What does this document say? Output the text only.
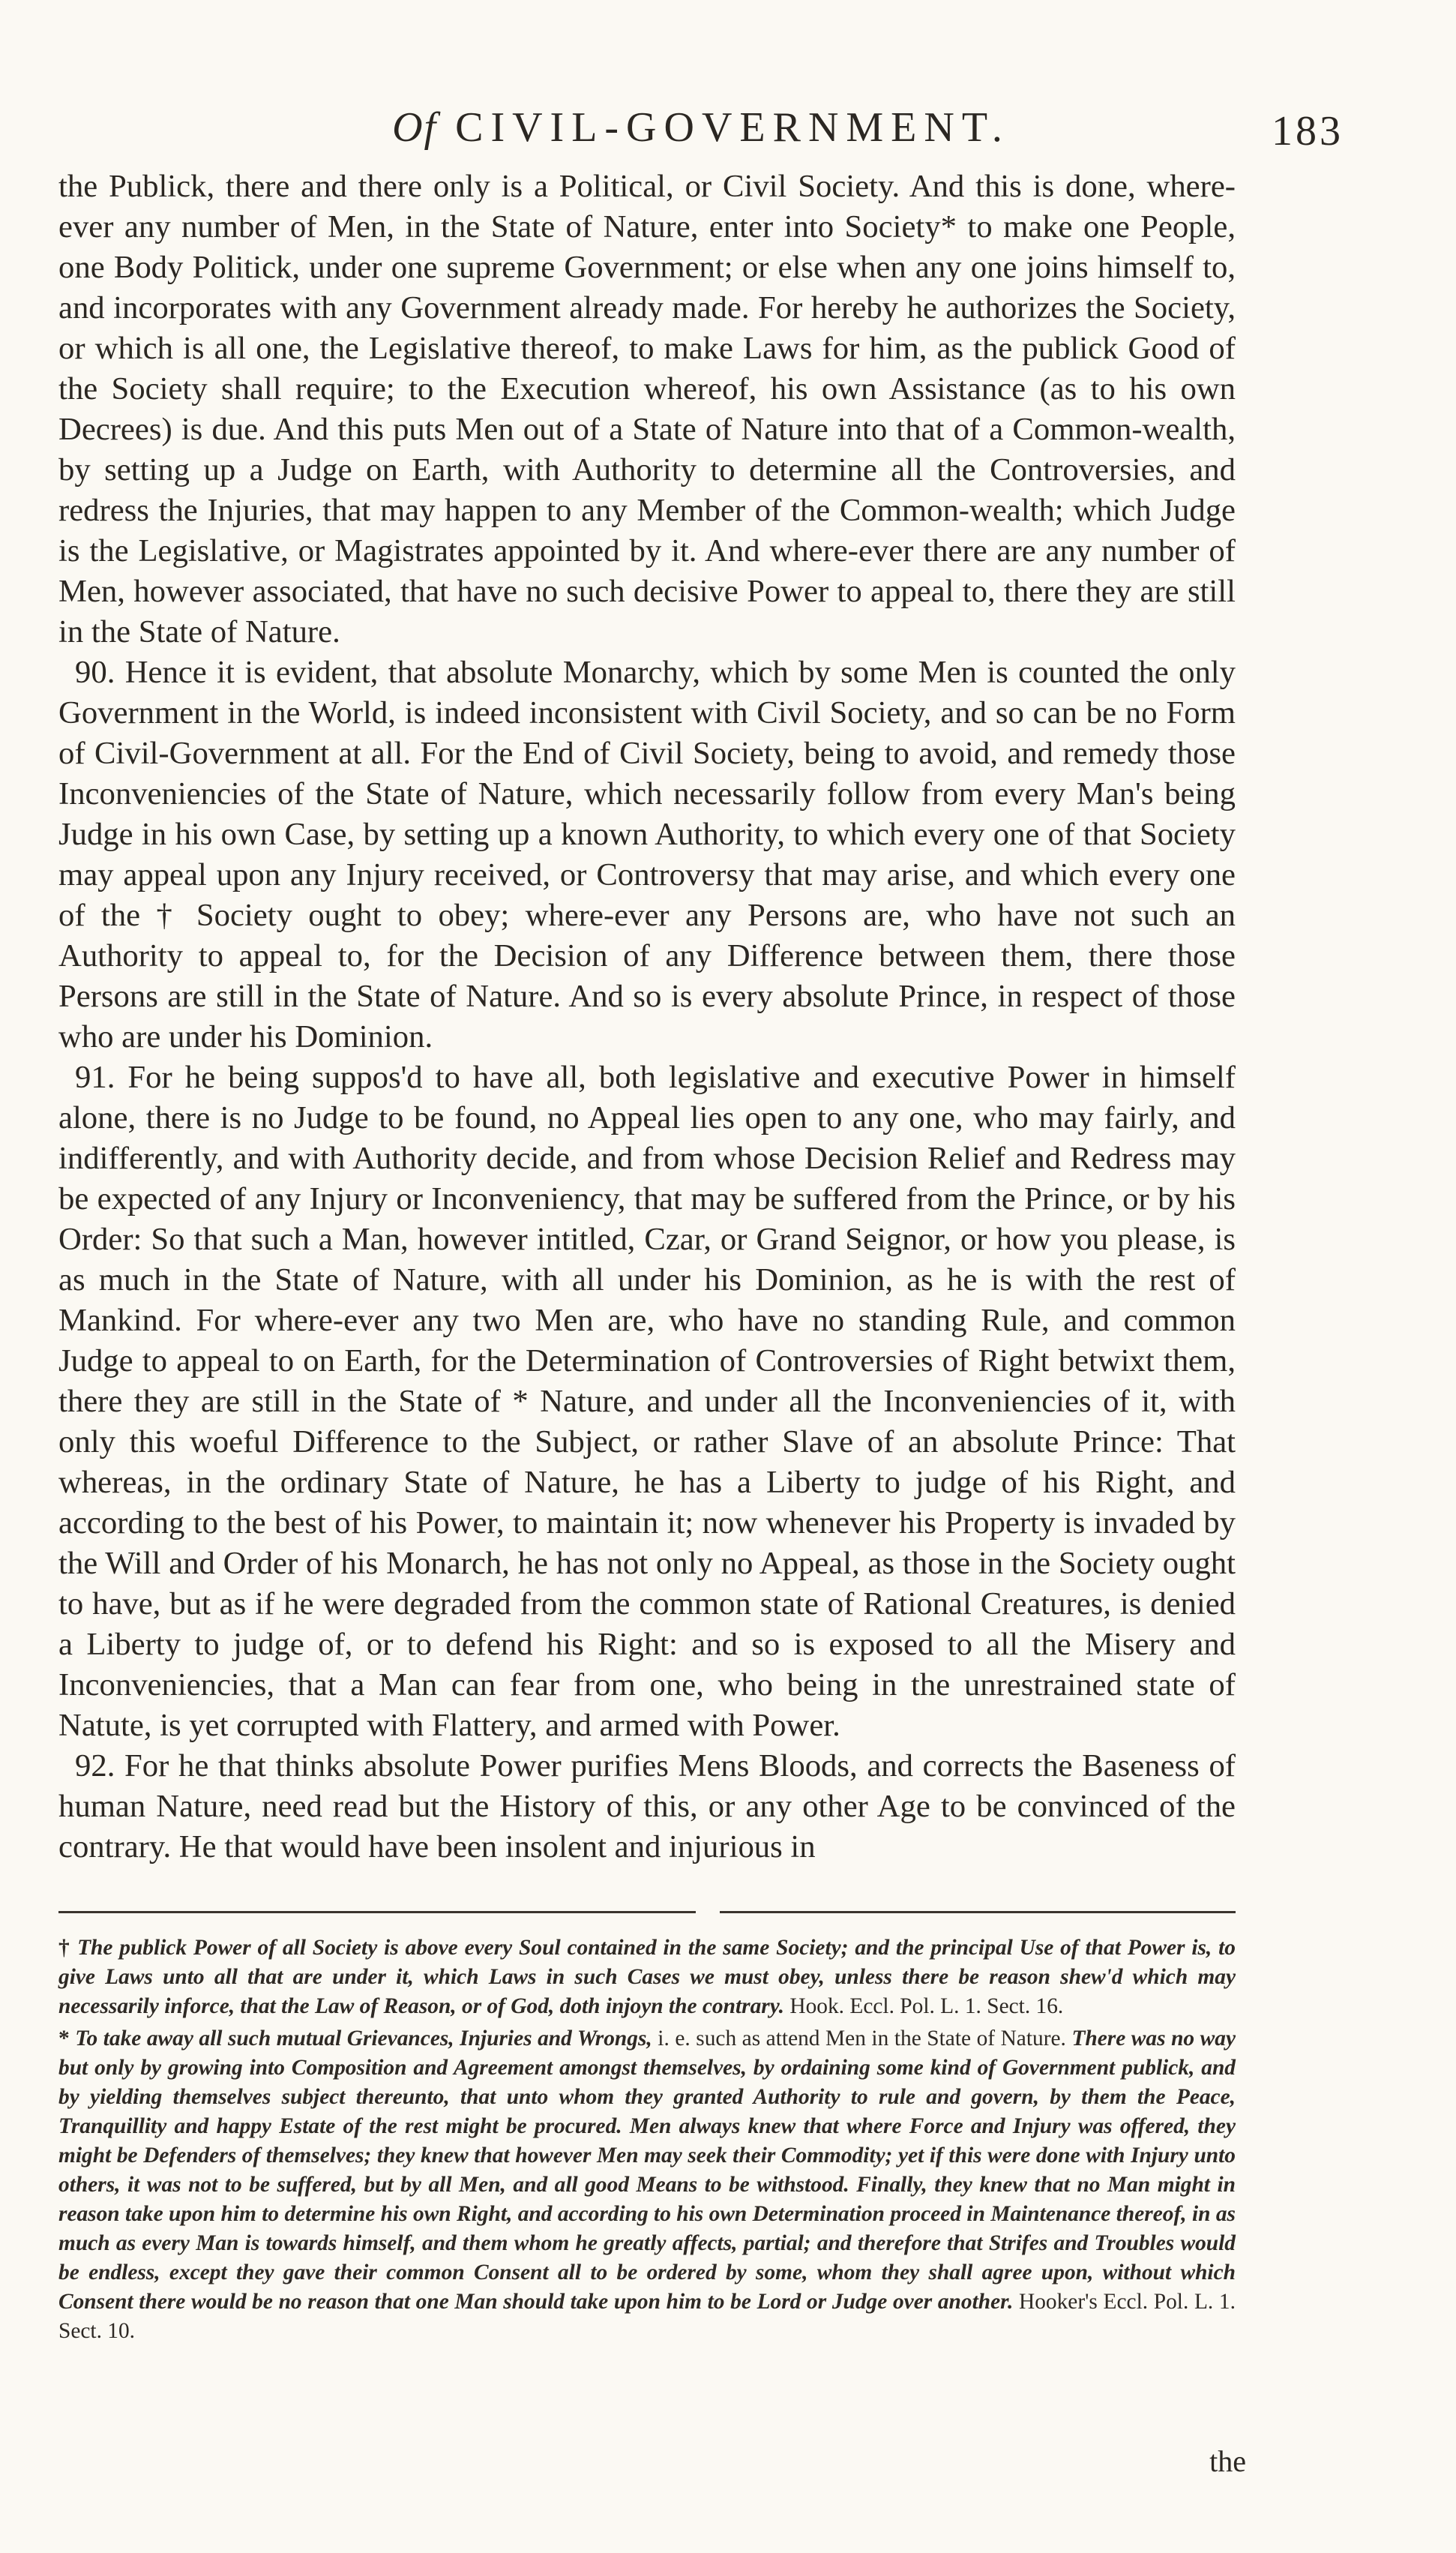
Of CIVIL-GOVERNMENT.	183

the Publick, there and there only is a Political, or Civil Society. And this is done, where-ever any number of Men, in the State of Nature, enter into Society* to make one People, one Body Politick, under one supreme Government; or else when any one joins himself to, and incorporates with any Government already made. For hereby he authorizes the Society, or which is all one, the Legislative thereof, to make Laws for him, as the publick Good of the Society shall require; to the Execution whereof, his own Assistance (as to his own Decrees) is due. And this puts Men out of a State of Nature into that of a Common-wealth, by setting up a Judge on Earth, with Authority to determine all the Controversies, and redress the Injuries, that may happen to any Member of the Common-wealth; which Judge is the Legislative, or Magistrates appointed by it. And where-ever there are any number of Men, however associated, that have no such decisive Power to appeal to, there they are still in the State of Nature.

90. Hence it is evident, that absolute Monarchy, which by some Men is counted the only Government in the World, is indeed inconsistent with Civil Society, and so can be no Form of Civil-Government at all. For the End of Civil Society, being to avoid, and remedy those Inconveniencies of the State of Nature, which necessarily follow from every Man's being Judge in his own Case, by setting up a known Authority, to which every one of that Society may appeal upon any Injury received, or Controversy that may arise, and which every one of the † Society ought to obey; where-ever any Persons are, who have not such an Authority to appeal to, for the Decision of any Difference between them, there those Persons are still in the State of Nature. And so is every absolute Prince, in respect of those who are under his Dominion.

91. For he being suppos'd to have all, both legislative and executive Power in himself alone, there is no Judge to be found, no Appeal lies open to any one, who may fairly, and indifferently, and with Authority decide, and from whose Decision Relief and Redress may be expected of any Injury or Inconveniency, that may be suffered from the Prince, or by his Order: So that such a Man, however intitled, Czar, or Grand Seignor, or how you please, is as much in the State of Nature, with all under his Dominion, as he is with the rest of Mankind. For where-ever any two Men are, who have no standing Rule, and common Judge to appeal to on Earth, for the Determination of Controversies of Right betwixt them, there they are still in the State of * Nature, and under all the Inconveniencies of it, with only this woeful Difference to the Subject, or rather Slave of an absolute Prince: That whereas, in the ordinary State of Nature, he has a Liberty to judge of his Right, and according to the best of his Power, to maintain it; now whenever his Property is invaded by the Will and Order of his Monarch, he has not only no Appeal, as those in the Society ought to have, but as if he were degraded from the common state of Rational Creatures, is denied a Liberty to judge of, or to defend his Right: and so is exposed to all the Misery and Inconveniencies, that a Man can fear from one, who being in the unrestrained state of Natute, is yet corrupted with Flattery, and armed with Power.

92. For he that thinks absolute Power purifies Mens Bloods, and corrects the Baseness of human Nature, need read but the History of this, or any other Age to be convinced of the contrary. He that would have been insolent and injurious in

† The publick Power of all Society is above every Soul contained in the same Society; and the principal Use of that Power is, to give Laws unto all that are under it, which Laws in such Cases we must obey, unless there be reason shew'd which may necessarily inforce, that the Law of Reason, or of God, doth injoyn the contrary. Hook. Eccl. Pol. L. 1. Sect. 16.

* To take away all such mutual Grievances, Injuries and Wrongs, i. e. such as attend Men in the State of Nature. There was no way but only by growing into Composition and Agreement amongst themselves, by ordaining some kind of Government publick, and by yielding themselves subject thereunto, that unto whom they granted Authority to rule and govern, by them the Peace, Tranquillity and happy Estate of the rest might be procured. Men always knew that where Force and Injury was offered, they might be Defenders of themselves; they knew that however Men may seek their Commodity; yet if this were done with Injury unto others, it was not to be suffered, but by all Men, and all good Means to be withstood. Finally, they knew that no Man might in reason take upon him to determine his own Right, and according to his own Determination proceed in Maintenance thereof, in as much as every Man is towards himself, and them whom he greatly affects, partial; and therefore that Strifes and Troubles would be endless, except they gave their common Consent all to be ordered by some, whom they shall agree upon, without which Consent there would be no reason that one Man should take upon him to be Lord or Judge over another. Hooker's Eccl. Pol. L. 1. Sect. 10.

the
